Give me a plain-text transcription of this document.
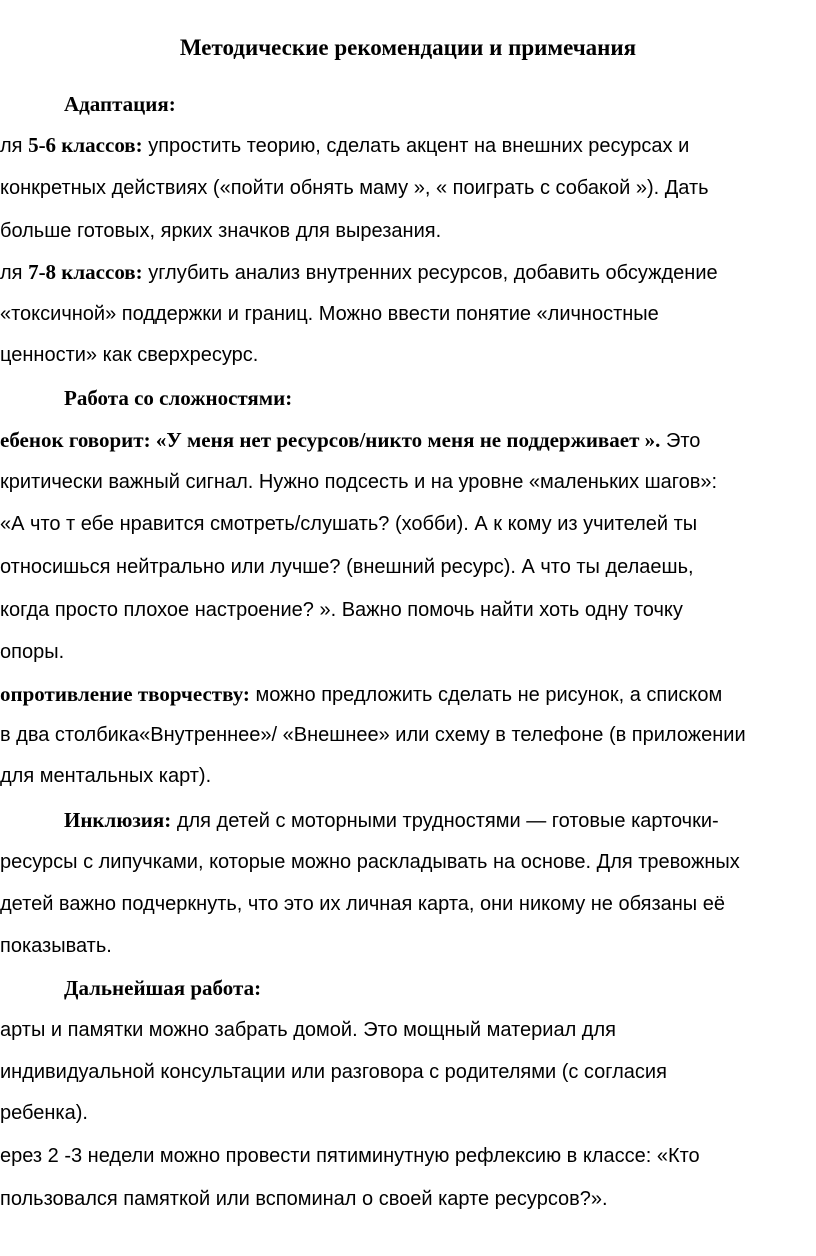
Методические рекомендации и примечания
Адаптация:
ля 5-6 классов: упростить теорию, сделать акцент на внешних ресурсах и
конкретных действиях («пойти обнять маму », « поиграть с собакой »). Дать
больше готовых, ярких значков для вырезания.
ля 7-8 классов: углубить анализ внутренних ресурсов, добавить обсуждение
«токсичной» поддержки и границ. Можно ввести понятие «личностные
ценности» как сверхресурс.
Работа со сложностями:
ебенок говорит: «У меня нет ресурсов/никто меня не поддерживает ». Это
критически важный сигнал. Нужно подсесть и на уровне «маленьких шагов»:
«А что т ебе нравится смотреть/слушать? (хобби). А к кому из учителей ты
относишься нейтрально или лучше? (внешний ресурс). А что ты делаешь,
когда просто плохое настроение? ». Важно помочь найти хоть одну точку
опоры.
опротивление творчеству: можно предложить сделать не рисунок, а списком
в два столбика«Внутреннее»/ «Внешнее» или схему в телефоне (в приложении
для ментальных карт).
Инклюзия: для детей с моторными трудностями — готовые карточки-
ресурсы с липучками, которые можно раскладывать на основе. Для тревожных
детей важно подчеркнуть, что это их личная карта, они никому не обязаны её
показывать.
Дальнейшая работа:
арты и памятки можно забрать домой. Это мощный материал для
индивидуальной консультации или разговора с родителями (с согласия
ребенка).
ерез 2 -3 недели можно провести пятиминутную рефлексию в классе: «Кто
пользовался памяткой или вспоминал о своей карте ресурсов?».
